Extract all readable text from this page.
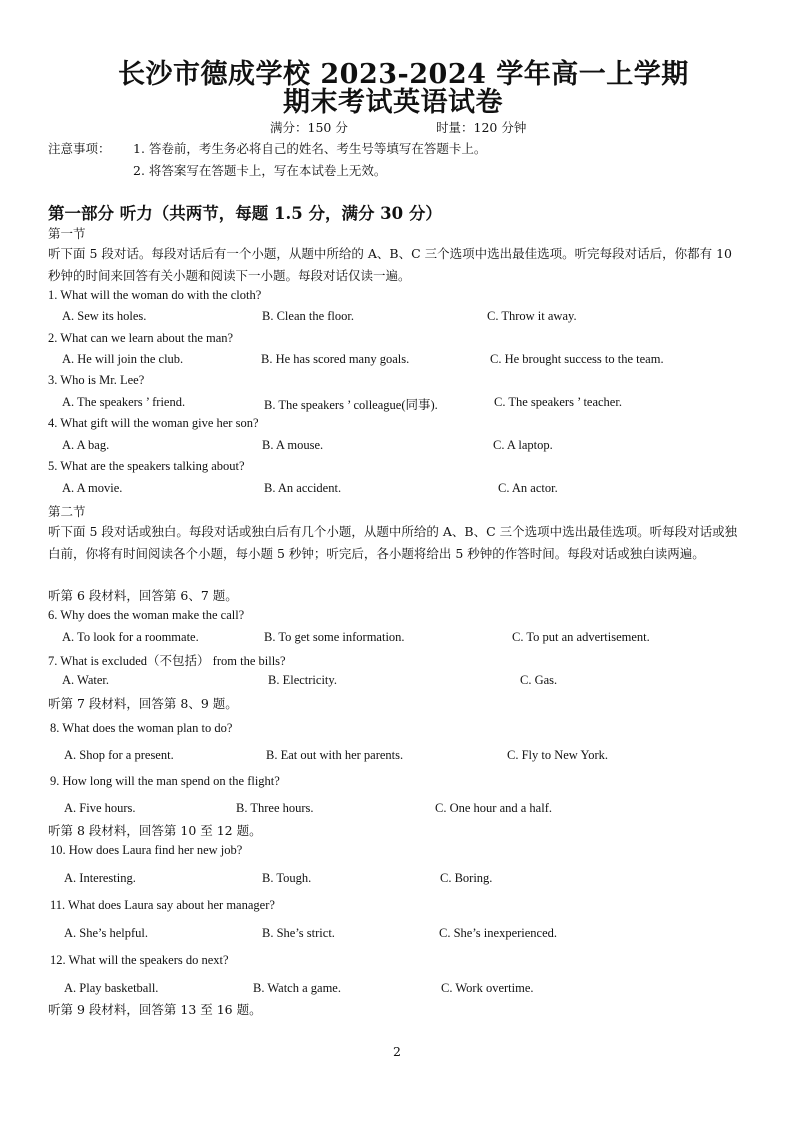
长沙市德成学校 2023-2024 学年高一上学期
期末考试英语试卷
满分：150 分	时量：120 分钟
注意事项： 1. 答卷前，考生务必将自己的姓名、考生号等填写在答题卡上。
2. 将答案写在答题卡上，写在本试卷上无效。
第一部分 听力（共两节，每题 1.5 分，满分 30 分）
第一节
听下面 5 段对话。每段对话后有一个小题，从题中所给的 A、B、C 三个选项中选出最佳选项。听完每段对话后，你都有 10 秒钟的时间来回答有关小题和阅读下一小题。每段对话仅读一遍。
1. What will the woman do with the cloth?
A. Sew its holes.	B. Clean the floor.	C. Throw it away.
2. What can we learn about the man?
A. He will join the club.	B. He has scored many goals.	C. He brought success to the team.
3. Who is Mr. Lee?
A. The speakers ’ friend.	B. The speakers ’ colleague(同事).	C. The speakers ’ teacher.
4. What gift will the woman give her son?
A. A bag.	B. A mouse.	C. A laptop.
5. What are the speakers talking about?
A. A movie.	B. An accident.	C. An actor.
第二节
听下面 5 段对话或独白。每段对话或独白后有几个小题，从题中所给的 A、B、C 三个选项中选出最佳选项。听每段对话或独白前，你将有时间阅读各个小题，每小题 5 秒钟；听完后，各小题将给出 5 秒钟的作答时间。每段对话或独白读两遍。
听第 6 段材料，回答第 6、7 题。
6. Why does the woman make the call?
A. To look for a roommate.	B. To get some information.	C. To put an advertisement.
7. What is excluded（不包括） from the bills?
A. Water.	B. Electricity.	C. Gas.
听第 7 段材料，回答第 8、9 题。
8. What does the woman plan to do?
A. Shop for a present.	B. Eat out with her parents.	C. Fly to New York.
9. How long will the man spend on the flight?
A. Five hours.	B. Three hours.	C. One hour and a half.
听第 8 段材料，回答第 10 至 12 题。
10. How does Laura find her new job?
A. Interesting.	B. Tough.	C. Boring.
11. What does Laura say about her manager?
A. She’s helpful.	B. She’s strict.	C. She’s inexperienced.
12. What will the speakers do next?
A. Play basketball.	B. Watch a game.	C. Work overtime.
听第 9 段材料，回答第 13 至 16 题。
2
